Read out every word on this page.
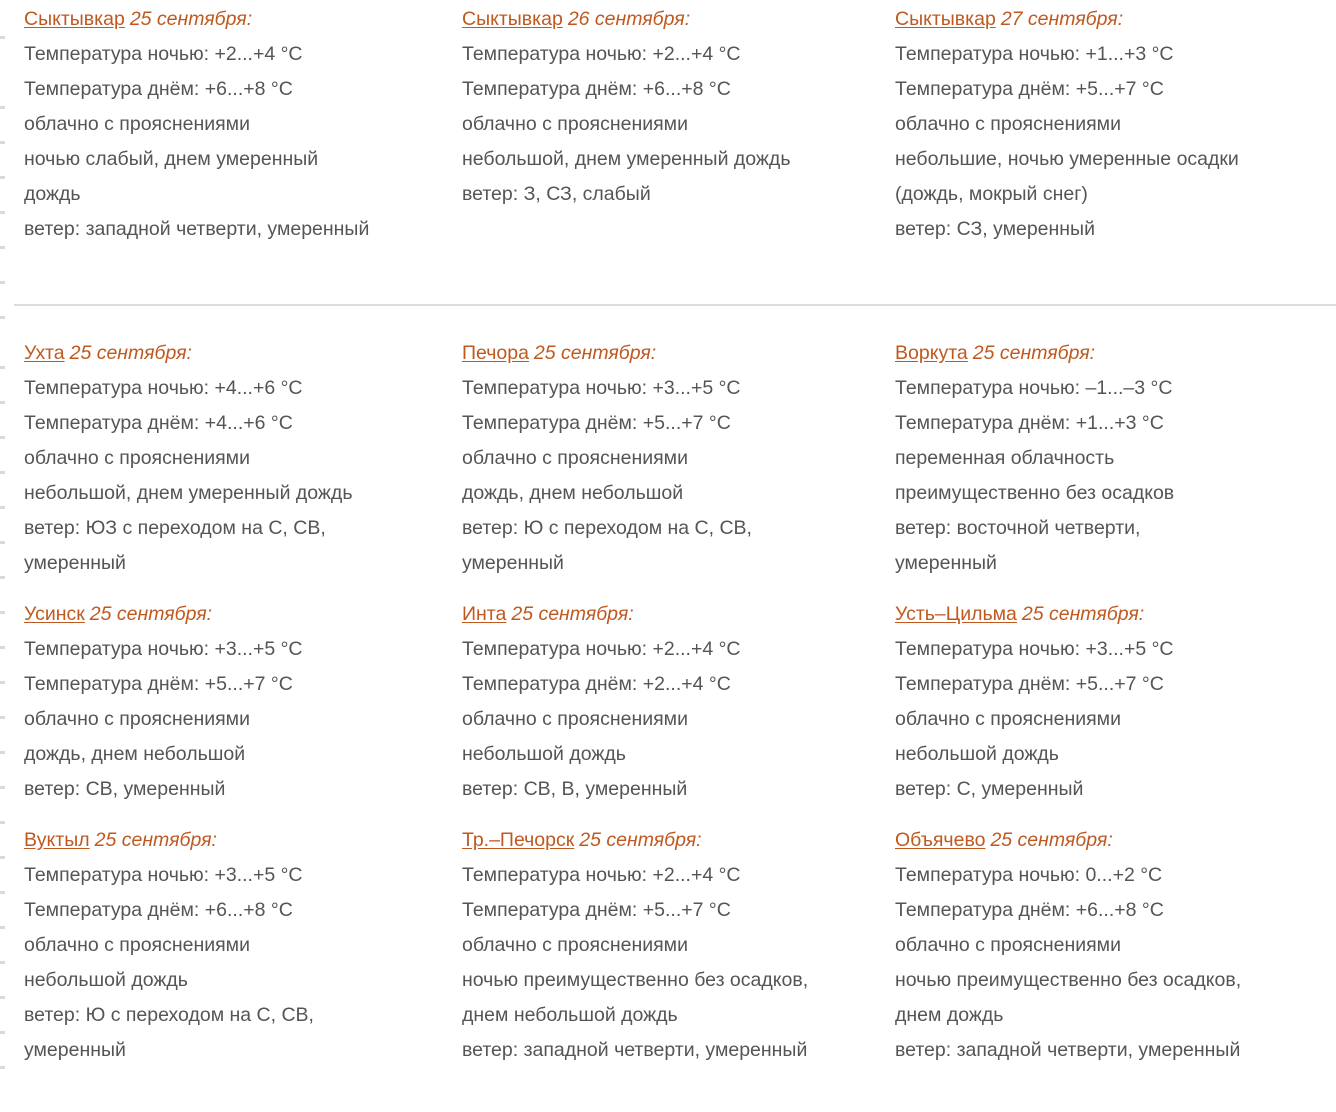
Сыктывкар 25 сентября:
Температура ночью: +2...+4 °C
Температура днём: +6...+8 °C
облачно с прояснениями
ночью слабый, днем умеренный
дождь
ветер: западной четверти, умеренный
Сыктывкар 26 сентября:
Температура ночью: +2...+4 °C
Температура днём: +6...+8 °C
облачно с прояснениями
небольшой, днем умеренный дождь
ветер: З, СЗ, слабый
Сыктывкар 27 сентября:
Температура ночью: +1...+3 °C
Температура днём: +5...+7 °C
облачно с прояснениями
небольшие, ночью умеренные осадки
(дождь, мокрый снег)
ветер: СЗ, умеренный
Ухта 25 сентября:
Температура ночью: +4...+6 °C
Температура днём: +4...+6 °C
облачно с прояснениями
небольшой, днем умеренный дождь
ветер: ЮЗ с переходом на С, СВ,
умеренный
Усинск 25 сентября:
Температура ночью: +3...+5 °C
Температура днём: +5...+7 °C
облачно с прояснениями
дождь, днем небольшой
ветер: СВ, умеренный
Вуктыл 25 сентября:
Температура ночью: +3...+5 °C
Температура днём: +6...+8 °C
облачно с прояснениями
небольшой дождь
ветер: Ю с переходом на С, СВ,
умеренный
Печора 25 сентября:
Температура ночью: +3...+5 °C
Температура днём: +5...+7 °C
облачно с прояснениями
дождь, днем небольшой
ветер: Ю с переходом на С, СВ,
умеренный
Инта 25 сентября:
Температура ночью: +2...+4 °C
Температура днём: +2...+4 °C
облачно с прояснениями
небольшой дождь
ветер: СВ, В, умеренный
Тр.–Печорск 25 сентября:
Температура ночью: +2...+4 °C
Температура днём: +5...+7 °C
облачно с прояснениями
ночью преимущественно без осадков,
днем небольшой дождь
ветер: западной четверти, умеренный
Воркута 25 сентября:
Температура ночью: –1...–3 °C
Температура днём: +1...+3 °C
переменная облачность
преимущественно без осадков
ветер: восточной четверти,
умеренный
Усть–Цильма 25 сентября:
Температура ночью: +3...+5 °C
Температура днём: +5...+7 °C
облачно с прояснениями
небольшой дождь
ветер: С, умеренный
Объячево 25 сентября:
Температура ночью: 0...+2 °C
Температура днём: +6...+8 °C
облачно с прояснениями
ночью преимущественно без осадков,
днем дождь
ветер: западной четверти, умеренный
